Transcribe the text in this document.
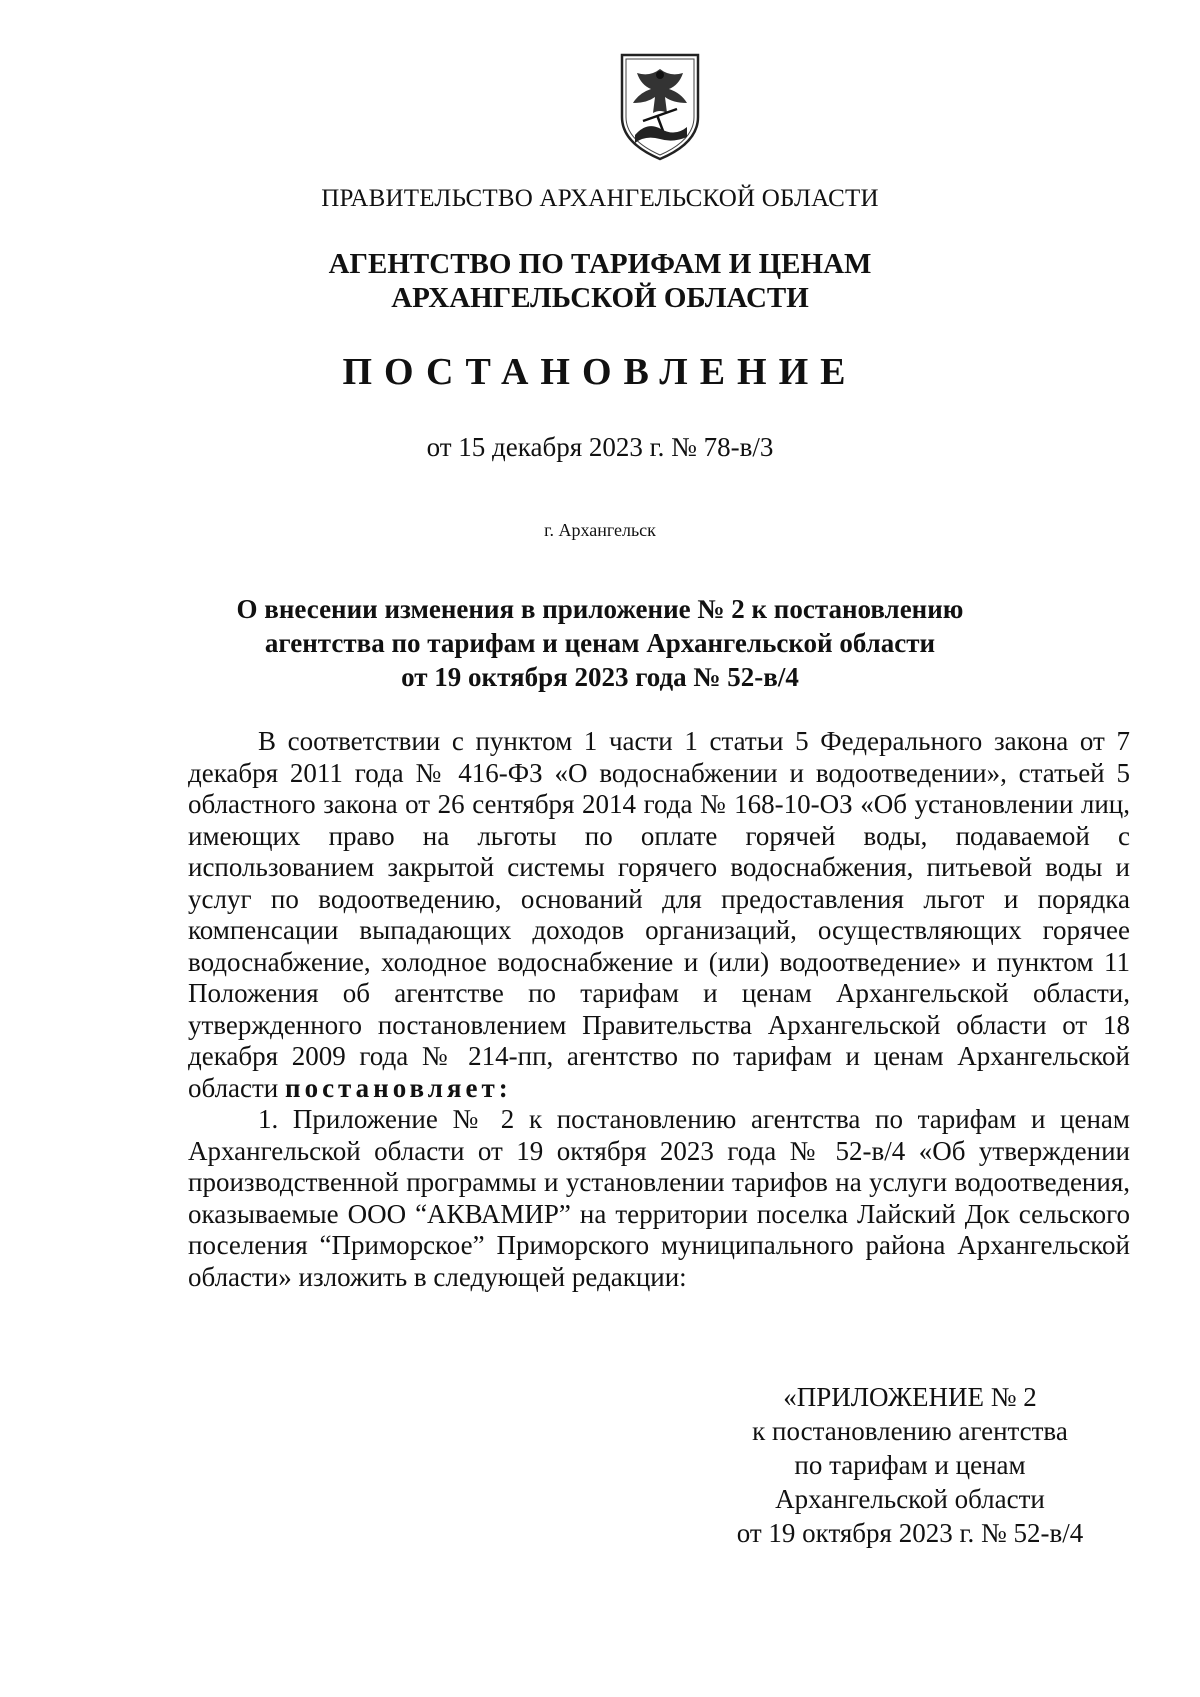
ПРАВИТЕЛЬСТВО АРХАНГЕЛЬСКОЙ ОБЛАСТИ
АГЕНТСТВО ПО ТАРИФАМ И ЦЕНАМ
АРХАНГЕЛЬСКОЙ ОБЛАСТИ
ПОСТАНОВЛЕНИЕ
от 15 декабря 2023 г. № 78-в/3
г. Архангельск
О внесении изменения в приложение № 2 к постановлению
агентства по тарифам и ценам Архангельской области
от 19 октября 2023 года № 52-в/4

В соответствии с пунктом 1 части 1 статьи 5 Федерального закона от 7 декабря 2011 года № 416-ФЗ «О водоснабжении и водоотведении», статьей 5 областного закона от 26 сентября 2014 года № 168-10-ОЗ «Об установлении лиц, имеющих право на льготы по оплате горячей воды, подаваемой с использованием закрытой системы горячего водоснабжения, питьевой воды и услуг по водоотведению, оснований для предоставления льгот и порядка компенсации выпадающих доходов организаций, осуществляющих горячее водоснабжение, холодное водоснабжение и (или) водоотведение» и пунктом 11 Положения об агентстве по тарифам и ценам Архангельской области, утвержденного постановлением Правительства Архангельской области от 18 декабря 2009 года № 214-пп, агентство по тарифам и ценам Архангельской области постановляет:

1. Приложение № 2 к постановлению агентства по тарифам и ценам Архангельской области от 19 октября 2023 года № 52-в/4 «Об утверждении производственной программы и установлении тарифов на услуги водоотведения, оказываемые ООО “АКВАМИР” на территории поселка Лайский Док сельского поселения “Приморское” Приморского муниципального района Архангельской области» изложить в следующей редакции:

«ПРИЛОЖЕНИЕ № 2
к постановлению агентства
по тарифам и ценам
Архангельской области
от 19 октября 2023 г. № 52-в/4
